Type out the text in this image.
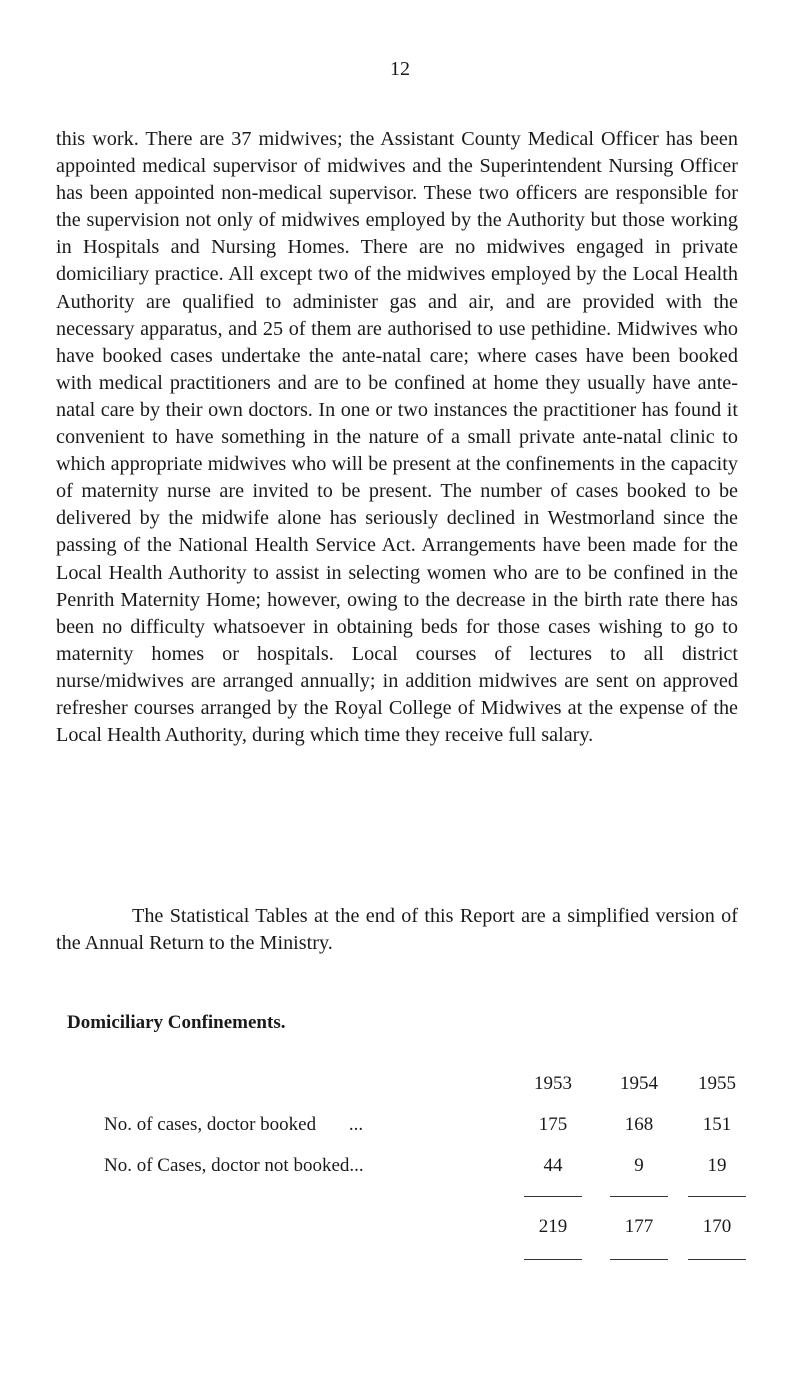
12

this work. There are 37 midwives; the Assistant County Medical Officer has been appointed medical supervisor of midwives and the Superintendent Nursing Officer has been appointed non-medical supervisor. These two officers are responsible for the supervision not only of midwives employed by the Authority but those working in Hospitals and Nursing Homes. There are no midwives engaged in private domiciliary practice. All except two of the midwives employed by the Local Health Authority are qualified to administer gas and air, and are provided with the necessary apparatus, and 25 of them are authorised to use pethidine. Midwives who have booked cases undertake the ante-natal care; where cases have been booked with medical practitioners and are to be confined at home they usually have ante-natal care by their own doctors. In one or two instances the practitioner has found it convenient to have something in the nature of a small private ante-natal clinic to which appropriate midwives who will be present at the confinements in the capacity of maternity nurse are invited to be present. The number of cases booked to be delivered by the midwife alone has seriously declined in Westmorland since the passing of the National Health Service Act. Arrangements have been made for the Local Health Authority to assist in selecting women who are to be confined in the Penrith Maternity Home; however, owing to the decrease in the birth rate there has been no difficulty whatsoever in obtaining beds for those cases wishing to go to maternity homes or hospitals. Local courses of lectures to all district nurse/midwives are arranged annually; in addition midwives are sent on approved refresher courses arranged by the Royal College of Midwives at the expense of the Local Health Authority, during which time they receive full salary.

The Statistical Tables at the end of this Report are a simplified version of the Annual Return to the Ministry.

Domiciliary Confinements.
1953	1954	1955
No. of cases, doctor booked ...	175	168	151
No. of Cases, doctor not booked...	44	9	19
219	177	170
